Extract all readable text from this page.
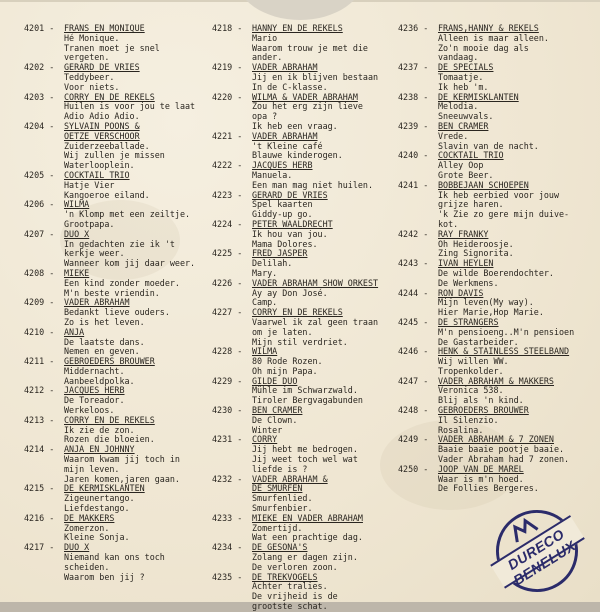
4201 - FRANS EN MONIQUE
Hé Monique.
Tranen moet je snel
vergeten.
4202 - GERARD DE VRIES
Teddybeer.
Voor niets.
4203 - CORRY EN DE REKELS
Huilen is voor jou te laat
Adio Adio Adio.
4204 - SYLVAIN POONS &
OETZE VERSCHOOR
Zuiderzeeballade.
Wij zullen je missen
Waterlooplein.
4205 - COCKTAIL TRIO
Hatje Vier
Kangoeroe eiland.
4206 - WILMA
'n Klomp met een zeiltje.
Grootpapa.
4207 - DUO X
In gedachten zie ik 't
kerkje weer.
Wanneer kom jij daar weer.
4208 - MIEKE
Een kind zonder moeder.
M'n beste vriendin.
4209 - VADER ABRAHAM
Bedankt lieve ouders.
Zo is het leven.
4210 - ANJA
De laatste dans.
Nemen en geven.
4211 - GEBROEDERS BROUWER
Middernacht.
Aanbeeldpolka.
4212 - JACQUES HERB
De Toreador.
Werkeloos.
4213 - CORRY EN DE REKELS
Ik zie de zon.
Rozen die bloeien.
4214 - ANJA EN JOHNNY
Waarom kwam jij toch in
mijn leven.
Jaren komen,jaren gaan.
4215 - DE KERMISKLANTEN
Zigeunertango.
Liefdestango.
4216 - DE MAKKERS
Zomerzon.
Kleine Sonja.
4217 - DUO X
Niemand kan ons toch
scheiden.
Waarom ben jij ?
4218 - HANNY EN DE REKELS
Mario
Waarom trouw je met die
ander.
4219 - VADER ABRAHAM
Jij en ik blijven bestaan
In de C-klasse.
4220 - WILMA & VADER ABRAHAM
Zou het erg zijn lieve
opa ?
Ik heb een vraag.
4221 - VADER ABRAHAM
't Kleine café
Blauwe kinderogen.
4222 - JACQUES HERB
Manuela.
Een man mag niet huilen.
4223 - GERARD DE VRIES
Spel kaarten
Giddy-up go.
4224 - PETER WAALDRECHT
Ik hou van jou.
Mama Dolores.
4225 - FRED JASPER
Delilah.
Mary.
4226 - VADER ABRAHAM SHOW ORKEST
Ay ay Don José.
Camp.
4227 - CORRY EN DE REKELS
Vaarwel ik zal geen traan
om je laten.
Mijn stil verdriet.
4228 - WILMA
80 Rode Rozen.
Oh mijn Papa.
4229 - GILDE DUO
Mühle im Schwarzwald.
Tiroler Bergvagabunden
4230 - BEN CRAMER
De Clown.
Winter
4231 - CORRY
Jij hebt me bedrogen.
Jij weet toch wel wat
liefde is ?
4232 - VADER ABRAHAM &
DE SMURFEN
Smurfenlied.
Smurfenbier.
4233 - MIEKE EN VADER ABRAHAM
Zomertijd.
Wat een prachtige dag.
4234 - DE GESONA'S
Zolang er dagen zijn.
De verloren zoon.
4235 - DE TREKVOGELS
Achter tralies.
De vrijheid is de
grootste schat.
4236 - FRANS,HANNY & REKELS
Alleen is maar alleen.
Zo'n mooie dag als
vandaag.
4237 - DE SPECIALS
Tomaatje.
Ik heb 'm.
4238 - DE KERMISKLANTEN
Melodia.
Sneeuwvals.
4239 - BEN CRAMER
Vrede.
Slavin van de nacht.
4240 - COCKTAIL TRIO
Alley Oop
Grote Beer.
4241 - BOBBEJAAN SCHOEPEN
Ik heb eerbied voor jouw
grijze haren.
'k Zie zo gere mijn duive-
kot.
4242 - RAY FRANKY
Oh Heideroosje.
Zing Signorita.
4243 - IVAN HEYLEN
De wilde Boerendochter.
De Werkmens.
4244 - RON DAVIS
Mijn leven(My way).
Hier Marie,Hop Marie.
4245 - DE STRANGERS
M'n pensioeng..M'n pensioen
De Gastarbeider.
4246 - HENK & STAINLESS STEELBAND
Wij willen WW.
Tropenkolder.
4247 - VADER ABRAHAM & MAKKERS
Veronica 538.
Blij als 'n kind.
4248 - GEBROEDERS BROUWER
Il Silenzio.
Rosalina.
4249 - VADER ABRAHAM & 7 ZONEN
Baaie baaie pootje baaie.
Vader Abraham had 7 zonen.
4250 - JOOP VAN DE MAREL
Waar is m'n hoed.
De Follies Bergeres.
DURECO BENELUX
